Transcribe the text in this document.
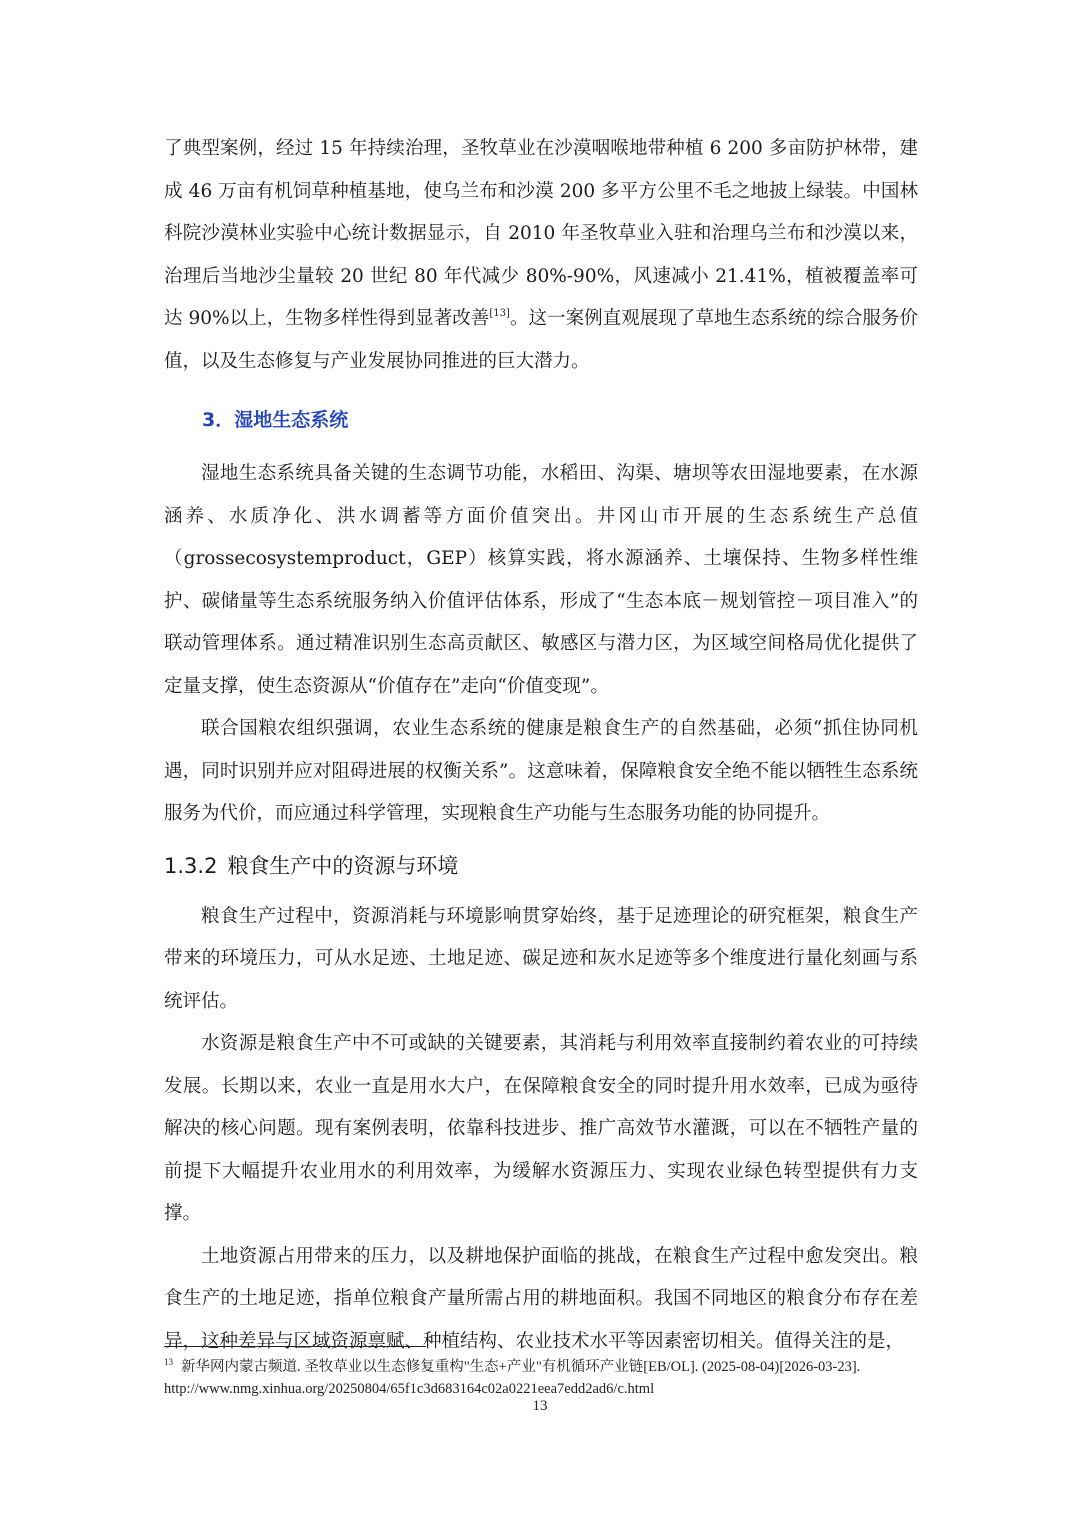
了典型案例，经过 15 年持续治理，圣牧草业在沙漠咽喉地带种植 6 200 多亩防护林带，建成 46 万亩有机饲草种植基地，使乌兰布和沙漠 200 多平方公里不毛之地披上绿装。中国林科院沙漠林业实验中心统计数据显示，自 2010 年圣牧草业入驻和治理乌兰布和沙漠以来，治理后当地沙尘量较 20 世纪 80 年代减少 80%-90%，风速减小 21.41%，植被覆盖率可达 90%以上，生物多样性得到显著改善[13]。这一案例直观展现了草地生态系统的综合服务价值，以及生态修复与产业发展协同推进的巨大潜力。

3．湿地生态系统

湿地生态系统具备关键的生态调节功能，水稻田、沟渠、塘坝等农田湿地要素，在水源涵养、水质净化、洪水调蓄等方面价值突出。井冈山市开展的生态系统生产总值（grossecosystemproduct，GEP）核算实践，将水源涵养、土壤保持、生物多样性维护、碳储量等生态系统服务纳入价值评估体系，形成了“生态本底－规划管控－项目准入”的联动管理体系。通过精准识别生态高贡献区、敏感区与潜力区，为区域空间格局优化提供了定量支撑，使生态资源从“价值存在”走向“价值变现”。

联合国粮农组织强调，农业生态系统的健康是粮食生产的自然基础，必须“抓住协同机遇，同时识别并应对阻碍进展的权衡关系”。这意味着，保障粮食安全绝不能以牺牲生态系统服务为代价，而应通过科学管理，实现粮食生产功能与生态服务功能的协同提升。

1.3.2 粮食生产中的资源与环境

粮食生产过程中，资源消耗与环境影响贯穿始终，基于足迹理论的研究框架，粮食生产带来的环境压力，可从水足迹、土地足迹、碳足迹和灰水足迹等多个维度进行量化刻画与系统评估。

水资源是粮食生产中不可或缺的关键要素，其消耗与利用效率直接制约着农业的可持续发展。长期以来，农业一直是用水大户，在保障粮食安全的同时提升用水效率，已成为亟待解决的核心问题。现有案例表明，依靠科技进步、推广高效节水灌溉，可以在不牺牲产量的前提下大幅提升农业用水的利用效率，为缓解水资源压力、实现农业绿色转型提供有力支撑。

土地资源占用带来的压力，以及耕地保护面临的挑战，在粮食生产过程中愈发突出。粮食生产的土地足迹，指单位粮食产量所需占用的耕地面积。我国不同地区的粮食分布存在差异，这种差异与区域资源禀赋、种植结构、农业技术水平等因素密切相关。值得关注的是，

$^{13}$ 新华网内蒙古频道. 圣牧草业以生态修复重构"生态+产业"有机循环产业链[EB/OL]. (2025-08-04)[2026-03-23]. http://www.nmg.xinhua.org/20250804/65f1c3d683164c02a0221eea7edd2ad6/c.html
13
